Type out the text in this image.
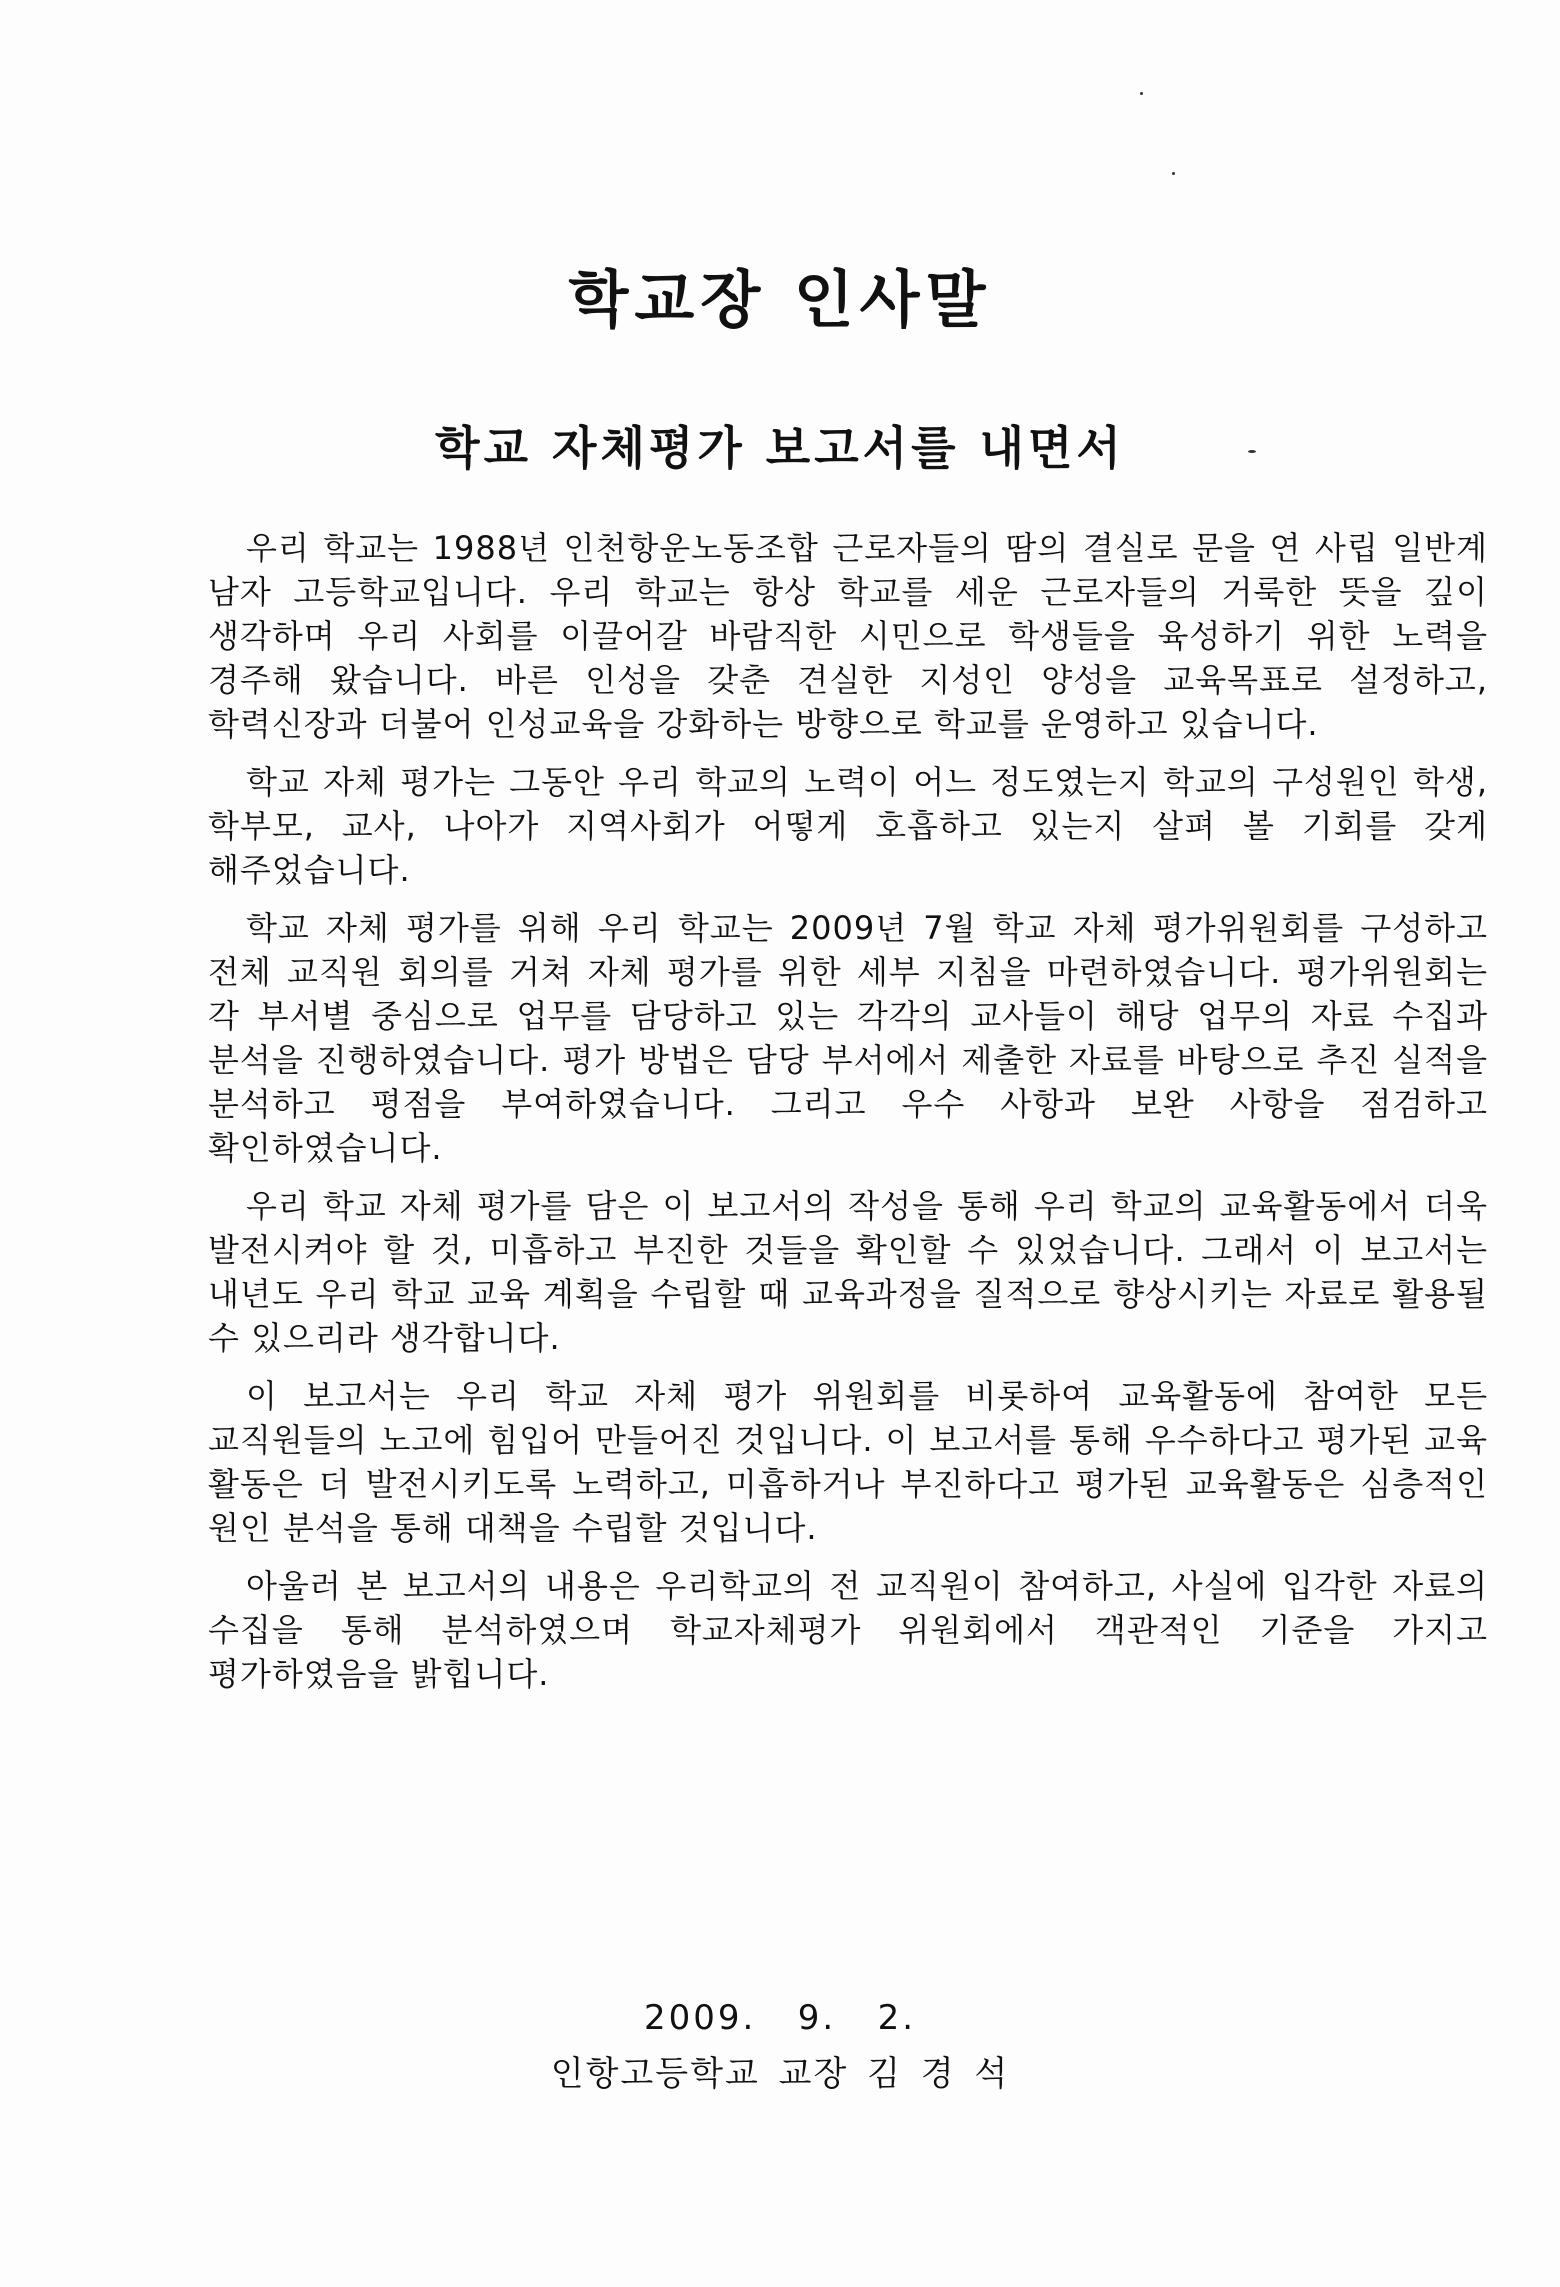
학교장 인사말
학교 자체평가 보고서를 내면서

우리 학교는 1988년 인천항운노동조합 근로자들의 땀의 결실로 문을 연 사립 일반계 남자 고등학교입니다. 우리 학교는 항상 학교를 세운 근로자들의 거룩한 뜻을 깊이 생각하며 우리 사회를 이끌어갈 바람직한 시민으로 학생들을 육성하기 위한 노력을 경주해 왔습니다. 바른 인성을 갖춘 견실한 지성인 양성을 교육목표로 설정하고, 학력신장과 더불어 인성교육을 강화하는 방향으로 학교를 운영하고 있습니다.

학교 자체 평가는 그동안 우리 학교의 노력이 어느 정도였는지 학교의 구성원인 학생, 학부모, 교사, 나아가 지역사회가 어떻게 호흡하고 있는지 살펴 볼 기회를 갖게 해주었습니다.

학교 자체 평가를 위해 우리 학교는 2009년 7월 학교 자체 평가위원회를 구성하고 전체 교직원 회의를 거쳐 자체 평가를 위한 세부 지침을 마련하였습니다. 평가위원회는 각 부서별 중심으로 업무를 담당하고 있는 각각의 교사들이 해당 업무의 자료 수집과 분석을 진행하였습니다. 평가 방법은 담당 부서에서 제출한 자료를 바탕으로 추진 실적을 분석하고 평점을 부여하였습니다. 그리고 우수 사항과 보완 사항을 점검하고 확인하였습니다.

우리 학교 자체 평가를 담은 이 보고서의 작성을 통해 우리 학교의 교육활동에서 더욱 발전시켜야 할 것, 미흡하고 부진한 것들을 확인할 수 있었습니다. 그래서 이 보고서는 내년도 우리 학교 교육 계획을 수립할 때 교육과정을 질적으로 향상시키는 자료로 활용될 수 있으리라 생각합니다.

이 보고서는 우리 학교 자체 평가 위원회를 비롯하여 교육활동에 참여한 모든 교직원들의 노고에 힘입어 만들어진 것입니다. 이 보고서를 통해 우수하다고 평가된 교육 활동은 더 발전시키도록 노력하고, 미흡하거나 부진하다고 평가된 교육활동은 심층적인 원인 분석을 통해 대책을 수립할 것입니다.

아울러 본 보고서의 내용은 우리학교의 전 교직원이 참여하고, 사실에 입각한 자료의 수집을 통해 분석하였으며 학교자체평가 위원회에서 객관적인 기준을 가지고 평가하였음을 밝힙니다.

2009.   9.   2.
인항고등학교 교장 김 경 석
